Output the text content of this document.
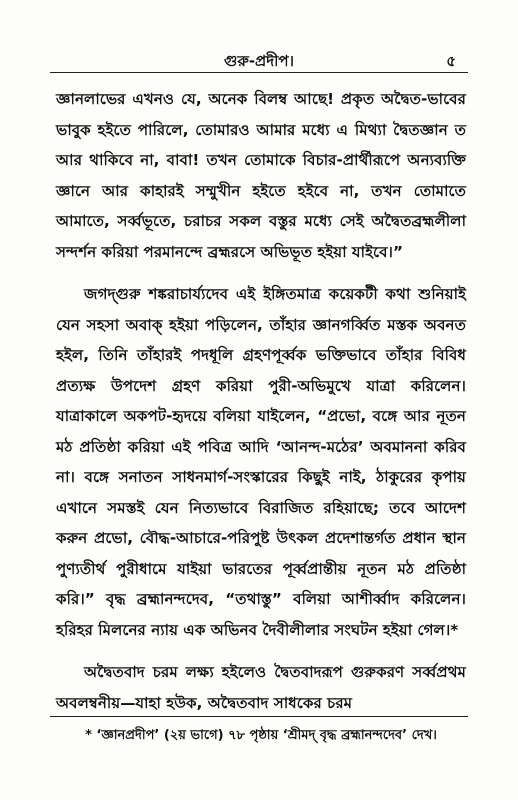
গুরু-প্রদীপ।	৫

জ্ঞানলাভের এখনও যে, অনেক বিলম্ব আছে! প্রকৃত অদ্বৈত-ভাবের ভাবুক হইতে পারিলে, তোমারও আমার মধ্যে এ মিথ্যা দ্বৈতজ্ঞান ত আর থাকিবে না, বাবা! তখন তোমাকে বিচার-প্রার্থীরূপে অন্যব্যক্তি জ্ঞানে আর কাহারই সম্মুখীন হইতে হইবে না, তখন তোমাতে আমাতে, সর্ব্বভূতে, চরাচর সকল বস্তুর মধ্যে সেই অদ্বৈতব্রহ্মলীলা সন্দর্শন করিয়া পরমানন্দে ব্রহ্মরসে অভিভূত হইয়া যাইবে।”

জগদ্‌গুরু শঙ্করাচার্য্যদেব এই ইঙ্গিতমাত্র কয়েকটী কথা শুনিয়াই যেন সহসা অবাক্‌ হইয়া পড়িলেন, তাঁহার জ্ঞানগর্ব্বিত মস্তক অবনত হইল, তিনি তাঁহারই পদধূলি গ্রহণপূর্ব্বক ভক্তিভাবে তাঁহার বিবিধ প্রত্যক্ষ উপদেশ গ্রহণ করিয়া পুরী-অভিমুখে যাত্রা করিলেন। যাত্রাকালে অকপট-হৃদয়ে বলিয়া যাইলেন, “প্রভো, বঙ্গে আর নূতন মঠ প্রতিষ্ঠা করিয়া এই পবিত্র আদি ‘আনন্দ-মঠের’ অবমাননা করিব না। বঙ্গে সনাতন সাধনমার্গ-সংস্কারের কিছুই নাই, ঠাকুরের কৃপায় এখানে সমস্তই যেন নিত্যভাবে বিরাজিত রহিয়াছে; তবে আদেশ করুন প্রভো, বৌদ্ধ-আচারে-পরিপুষ্ট উৎকল প্রদেশান্তর্গত প্রধান স্থান পুণ্যতীর্থ পুরীধামে যাইয়া ভারতের পূর্ব্বপ্রান্তীয় নূতন মঠ প্রতিষ্ঠা করি।” বৃদ্ধ ব্রহ্মানন্দদেব, “তথাস্তু” বলিয়া আশীর্ব্বাদ করিলেন। হরিহর মিলনের ন্যায় এক অভিনব দৈবীলীলার সংঘটন হইয়া গেল।*

অদ্বৈতবাদ চরম লক্ষ্য হইলেও দ্বৈতবাদরূপ গুরুকরণ সর্ব্বপ্রথম অবলম্বনীয়—যাহা হউক, অদ্বৈতবাদ সাধকের চরম

* ‘জ্ঞানপ্রদীপ’ (২য় ভাগে) ৭৮ পৃষ্ঠায় ‘শ্রীমদ্‌ বৃদ্ধ ব্রহ্মানন্দদেব’ দেখ।
